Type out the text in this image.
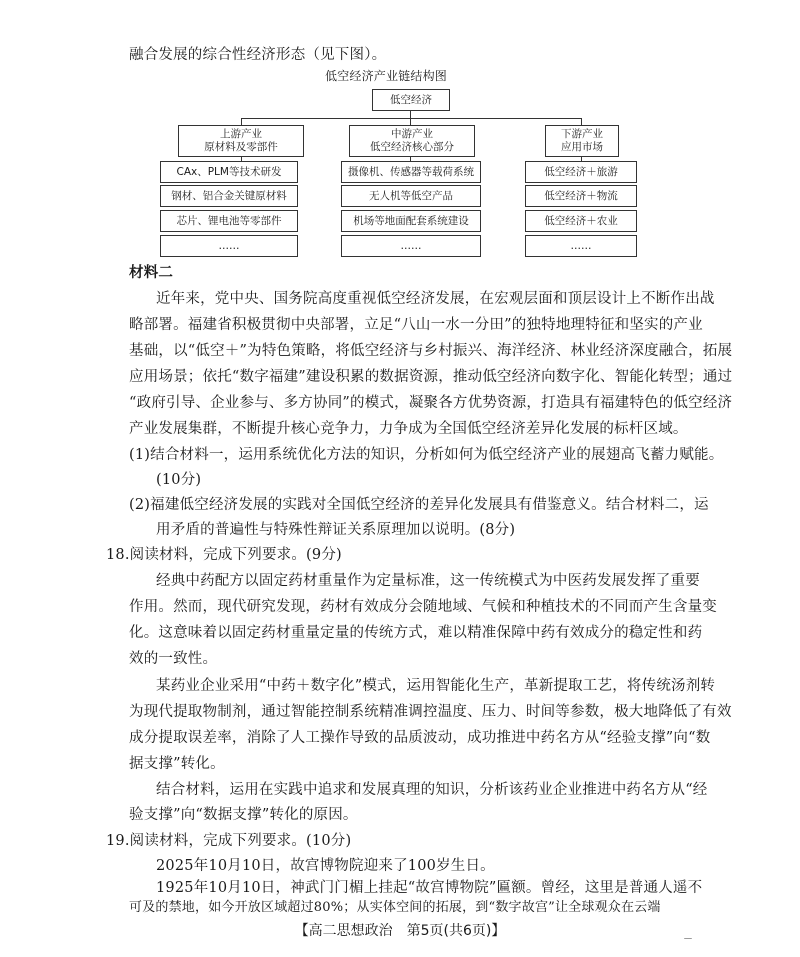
融合发展的综合性经济形态（见下图）。
低空经济产业链结构图
低空经济
上游产业
原材料及零部件
CAx、PLM等技术研发
钢材、铝合金关键原材料
芯片、锂电池等零部件
……
中游产业
低空经济核心部分
摄像机、传感器等载荷系统
无人机等低空产品
机场等地面配套系统建设
……
下游产业
应用市场
低空经济＋旅游
低空经济＋物流
低空经济＋农业
……
材料二
近年来，党中央、国务院高度重视低空经济发展，在宏观层面和顶层设计上不断作出战
略部署。福建省积极贯彻中央部署，立足“八山一水一分田”的独特地理特征和坚实的产业
基础，以“低空＋”为特色策略，将低空经济与乡村振兴、海洋经济、林业经济深度融合，拓展
应用场景；依托“数字福建”建设积累的数据资源，推动低空经济向数字化、智能化转型；通过
“政府引导、企业参与、多方协同”的模式，凝聚各方优势资源，打造具有福建特色的低空经济
产业发展集群，不断提升核心竞争力，力争成为全国低空经济差异化发展的标杆区域。
(1)结合材料一，运用系统优化方法的知识，分析如何为低空经济产业的展翅高飞蓄力赋能。
(10分)
(2)福建低空经济发展的实践对全国低空经济的差异化发展具有借鉴意义。结合材料二，运
用矛盾的普遍性与特殊性辩证关系原理加以说明。(8分)
18.阅读材料，完成下列要求。(9分)
经典中药配方以固定药材重量作为定量标准，这一传统模式为中医药发展发挥了重要
作用。然而，现代研究发现，药材有效成分会随地域、气候和种植技术的不同而产生含量变
化。这意味着以固定药材重量定量的传统方式，难以精准保障中药有效成分的稳定性和药
效的一致性。
某药业企业采用“中药＋数字化”模式，运用智能化生产，革新提取工艺，将传统汤剂转
为现代提取物制剂，通过智能控制系统精准调控温度、压力、时间等参数，极大地降低了有效
成分提取误差率，消除了人工操作导致的品质波动，成功推进中药名方从“经验支撑”向“数
据支撑”转化。
结合材料，运用在实践中追求和发展真理的知识，分析该药业企业推进中药名方从“经
验支撑”向“数据支撑”转化的原因。
19.阅读材料，完成下列要求。(10分)
2025年10月10日，故宫博物院迎来了100岁生日。
1925年10月10日，神武门门楣上挂起“故宫博物院”匾额。曾经，这里是普通人遥不
可及的禁地，如今开放区域超过80%；从实体空间的拓展，到“数字故宫”让全球观众在云端
【高二思想政治　第5页(共6页)】
－
